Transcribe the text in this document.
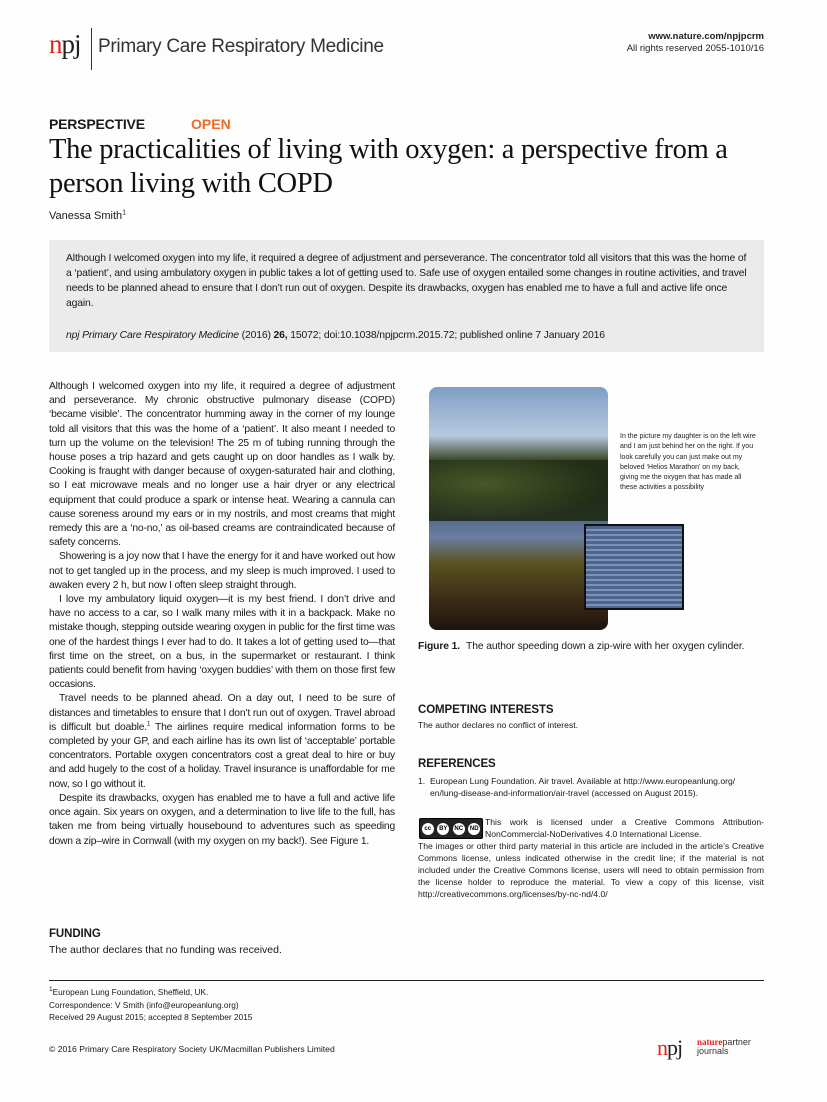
npj Primary Care Respiratory Medicine	www.nature.com/npjpcrm
All rights reserved 2055-1010/16
PERSPECTIVE	OPEN
The practicalities of living with oxygen: a perspective from a person living with COPD
Vanessa Smith$^1$

Although I welcomed oxygen into my life, it required a degree of adjustment and perseverance. The concentrator told all visitors that this was the home of a ‘patient’, and using ambulatory oxygen in public takes a lot of getting used to. Safe use of oxygen entailed some changes in routine activities, and travel needs to be planned ahead to ensure that I don’t run out of oxygen. Despite its drawbacks, oxygen has enabled me to have a full and active life once again.

npj Primary Care Respiratory Medicine (2016) 26, 15072; doi:10.1038/npjpcrm.2015.72; published online 7 January 2016

Although I welcomed oxygen into my life, it required a degree of adjustment and perseverance. My chronic obstructive pulmonary disease (COPD) ‘became visible’. The concentrator humming away in the corner of my lounge told all visitors that this was the home of a ‘patient’. It also meant I needed to turn up the volume on the television! The 25 m of tubing running through the house poses a trip hazard and gets caught up on door handles as I walk by. Cooking is fraught with danger because of oxygen-saturated hair and clothing, so I eat microwave meals and no longer use a hair dryer or any electrical equipment that could produce a spark or intense heat. Wearing a cannula can cause soreness around my ears or in my nostrils, and most creams that might remedy this are a ‘no-no,’ as oil-based creams are contraindicated because of safety concerns.

Showering is a joy now that I have the energy for it and have worked out how not to get tangled up in the process, and my sleep is much improved. I used to awaken every 2 h, but now I often sleep straight through.

I love my ambulatory liquid oxygen—it is my best friend. I don’t drive and have no access to a car, so I walk many miles with it in a backpack. Make no mistake though, stepping outside wearing oxygen in public for the first time was one of the hardest things I ever had to do. It takes a lot of getting used to—that first time on the street, on a bus, in the supermarket or restaurant. I think patients could benefit from having ‘oxygen buddies’ with them on those first few occasions.

Travel needs to be planned ahead. On a day out, I need to be sure of distances and timetables to ensure that I don’t run out of oxygen. Travel abroad is difficult but doable.$^1$ The airlines require medical information forms to be completed by your GP, and each airline has its own list of ‘acceptable’ portable concentrators. Portable oxygen concentrators cost a great deal to hire or buy and add hugely to the cost of a holiday. Travel insurance is unaffordable for me now, so I go without it.

Despite its drawbacks, oxygen has enabled me to have a full and active life once again. Six years on oxygen, and a determination to live life to the full, has taken me from being virtually housebound to adventures such as speeding down a zip–wire in Cornwall (with my oxygen on my back!). See Figure 1.

In the picture my daughter is on the left wire and I am just behind her on the right. If you look carefully you can just make out my beloved ‘Helios Marathon’ on my back, giving me the oxygen that has made all these activities a possibility
Figure 1. The author speeding down a zip-wire with her oxygen cylinder.
COMPETING INTERESTS
The author declares no conflict of interest.
REFERENCES
1. European Lung Foundation. Air travel. Available at http://www.europeanlung.org/
en/lung-disease-and-information/air-travel (accessed on August 2015).
This work is licensed under a Creative Commons Attribution-NonCommercial-NoDerivatives 4.0 International License.
The images or other third party material in this article are included in the article’s Creative Commons license, unless indicated otherwise in the credit line; if the material is not included under the Creative Commons license, users will need to obtain permission from the license holder to reproduce the material. To view a copy of this license, visit http://creativecommons.org/licenses/by-nc-nd/4.0/
cc	BY	NC ND
FUNDING
The author declares that no funding was received.
$^1$European Lung Foundation, Sheffield, UK.
Correspondence: V Smith (info@europeanlung.org)
Received 29 August 2015; accepted 8 September 2015
© 2016 Primary Care Respiratory Society UK/Macmillan Publishers Limited	npj naturepartner
journals
